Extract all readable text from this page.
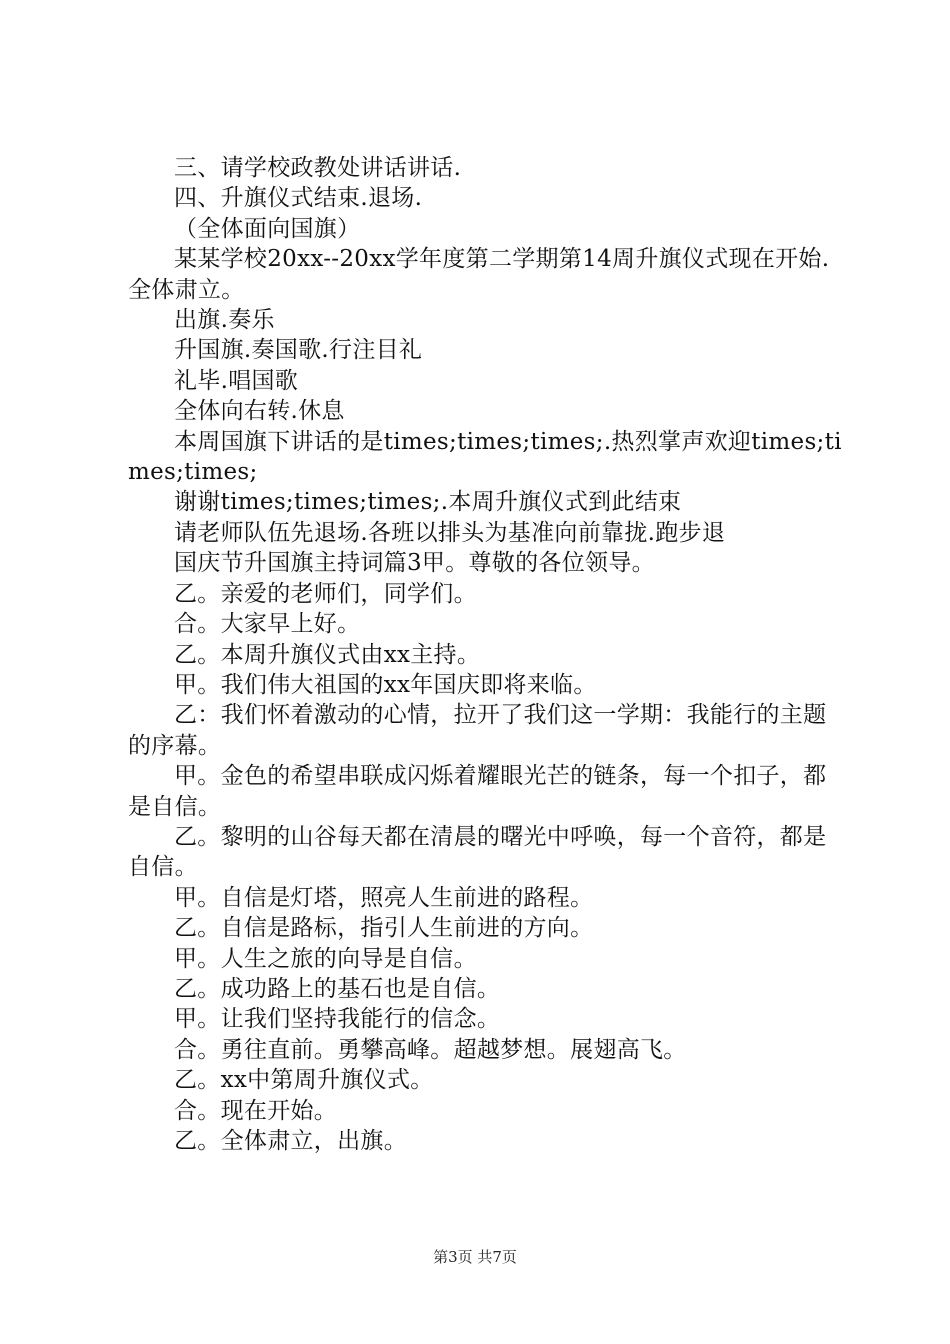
三、请学校政教处讲话讲话.

四、升旗仪式结束.退场.

（全体面向国旗）

某某学校20xx--20xx学年度第二学期第14周升旗仪式现在开始.全体肃立。

出旗.奏乐

升国旗.奏国歌.行注目礼

礼毕.唱国歌

全体向右转.休息

本周国旗下讲话的是times;times;times;.热烈掌声欢迎times;times;times;

谢谢times;times;times;.本周升旗仪式到此结束

请老师队伍先退场.各班以排头为基准向前靠拢.跑步退

国庆节升国旗主持词篇3甲。尊敬的各位领导。

乙。亲爱的老师们，同学们。

合。大家早上好。

乙。本周升旗仪式由xx主持。

甲。我们伟大祖国的xx年国庆即将来临。

乙：我们怀着激动的心情，拉开了我们这一学期：我能行的主题的序幕。

甲。金色的希望串联成闪烁着耀眼光芒的链条，每一个扣子，都是自信。

乙。黎明的山谷每天都在清晨的曙光中呼唤，每一个音符，都是自信。

甲。自信是灯塔，照亮人生前进的路程。

乙。自信是路标，指引人生前进的方向。

甲。人生之旅的向导是自信。

乙。成功路上的基石也是自信。

甲。让我们坚持我能行的信念。

合。勇往直前。勇攀高峰。超越梦想。展翅高飞。

乙。xx中第周升旗仪式。

合。现在开始。

乙。全体肃立，出旗。

第3页 共7页
